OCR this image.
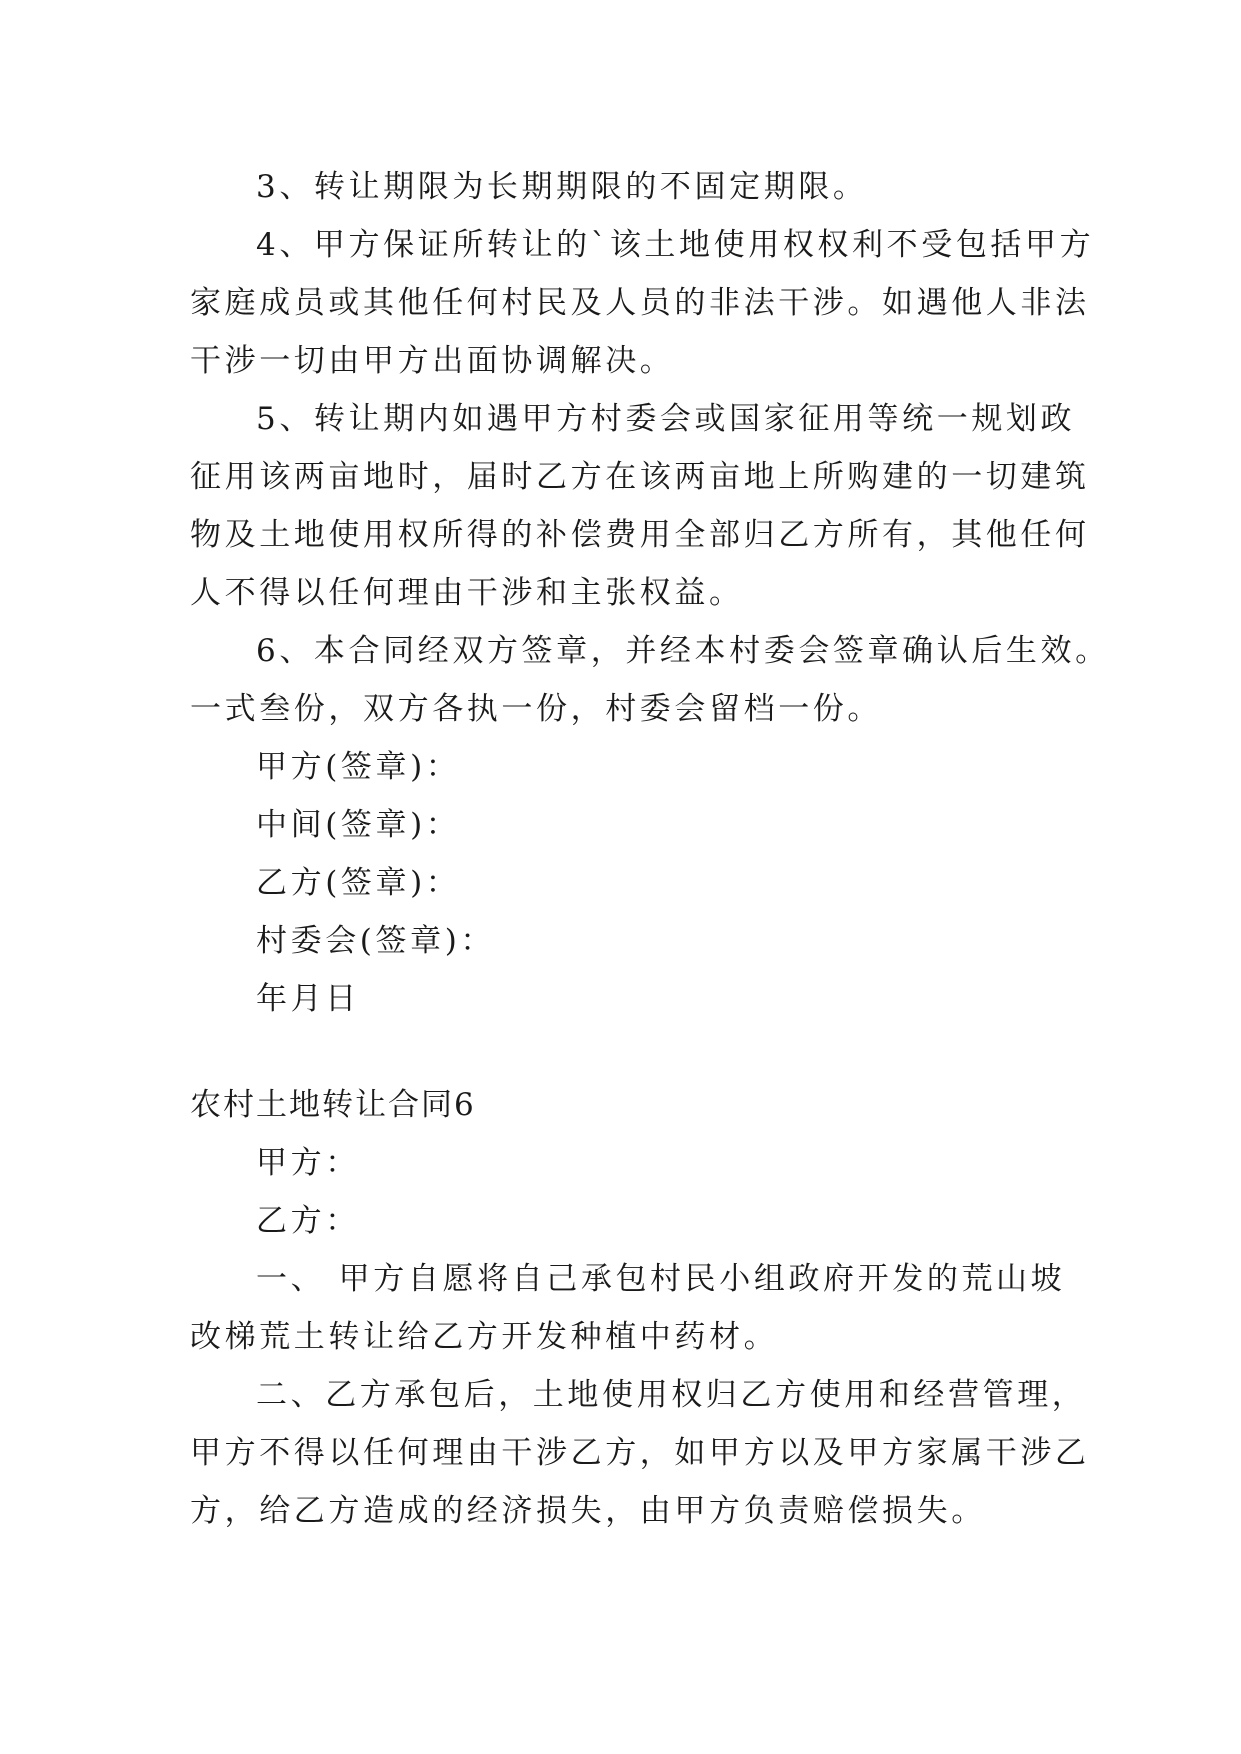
3、转让期限为长期期限的不固定期限。
4、甲方保证所转让的`该土地使用权权利不受包括甲方
家庭成员或其他任何村民及人员的非法干涉。如遇他人非法
干涉一切由甲方出面协调解决。
5、转让期内如遇甲方村委会或国家征用等统一规划政
征用该两亩地时，届时乙方在该两亩地上所购建的一切建筑
物及土地使用权所得的补偿费用全部归乙方所有，其他任何
人不得以任何理由干涉和主张权益。
6、本合同经双方签章，并经本村委会签章确认后生效。
一式叁份，双方各执一份，村委会留档一份。
甲方(签章)：
中间(签章)：
乙方(签章)：
村委会(签章)：
年月日
农村土地转让合同6
甲方：
乙方：
一、 甲方自愿将自己承包村民小组政府开发的荒山坡
改梯荒土转让给乙方开发种植中药材。
二、乙方承包后，土地使用权归乙方使用和经营管理，
甲方不得以任何理由干涉乙方，如甲方以及甲方家属干涉乙
方，给乙方造成的经济损失，由甲方负责赔偿损失。
